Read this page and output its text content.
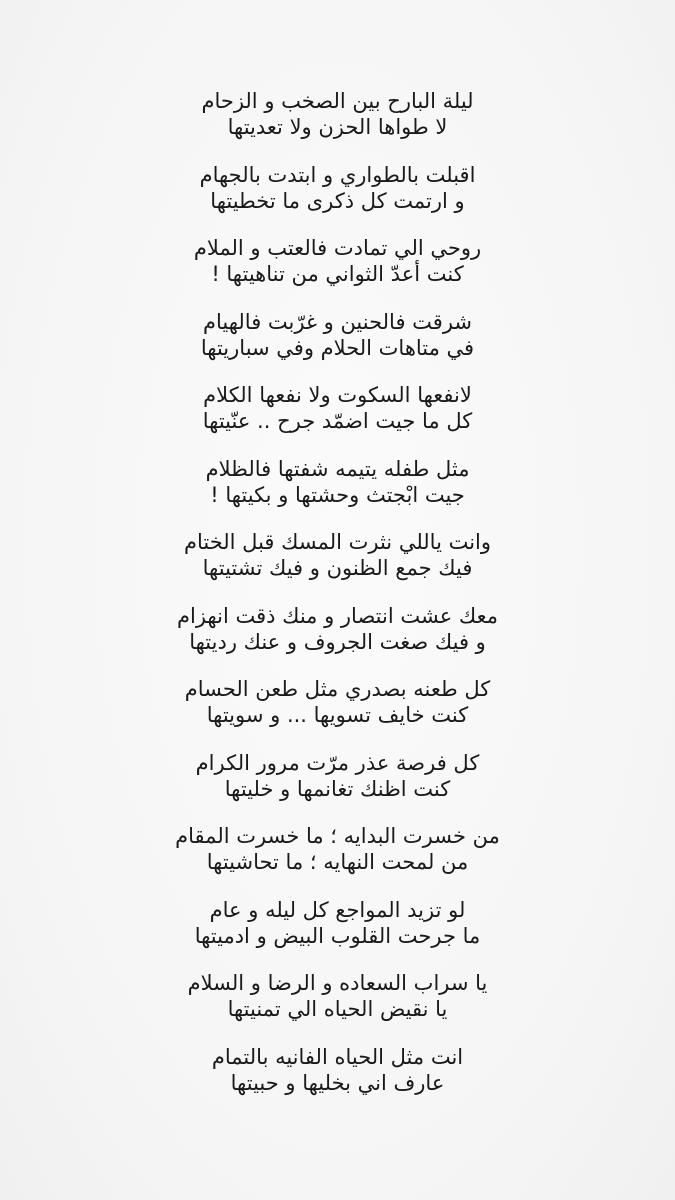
ليلة البارح بين الصخب و الزحام
لا طواها الحزن ولا تعديتها
اقبلت بالطواري و ابتدت بالجهام
و ارتمت كل ذكرى ما تخطيتها
روحي الي تمادت فالعتب و الملام
كنت أعدّ الثواني من تناهيتها !
شرقت فالحنين و غرّبت فالهيام
في متاهات الحلام وفي سباريتها
لانفعها السكوت ولا نفعها الكلام
كل ما جيت اضمّد جرح .. عنّيتها
مثل طفله يتيمه شفتها فالظلام
جيت ابْجتث وحشتها و بكيتها !
وانت ياللي نثرت المسك قبل الختام
فيك جمع الظنون و فيك تشتيتها
معك عشت انتصار و منك ذقت انهزام
و فيك صغت الجروف و عنك رديتها
كل طعنه بصدري مثل طعن الحسام
كنت خايف تسويها ... و سويتها
كل فرصة عذر مرّت مرور الكرام
كنت اظنك تغانمها و خليتها
من خسرت البدايه ؛ ما خسرت المقام
من لمحت النهايه ؛ ما تحاشيتها
لو تزيد المواجع كل ليله و عام
ما جرحت القلوب البيض و ادميتها
يا سراب السعاده و الرضا و السلام
يا نقيض الحياه الي تمنيتها
انت مثل الحياه الفانيه بالتمام
عارف اني بخليها و حبيتها
